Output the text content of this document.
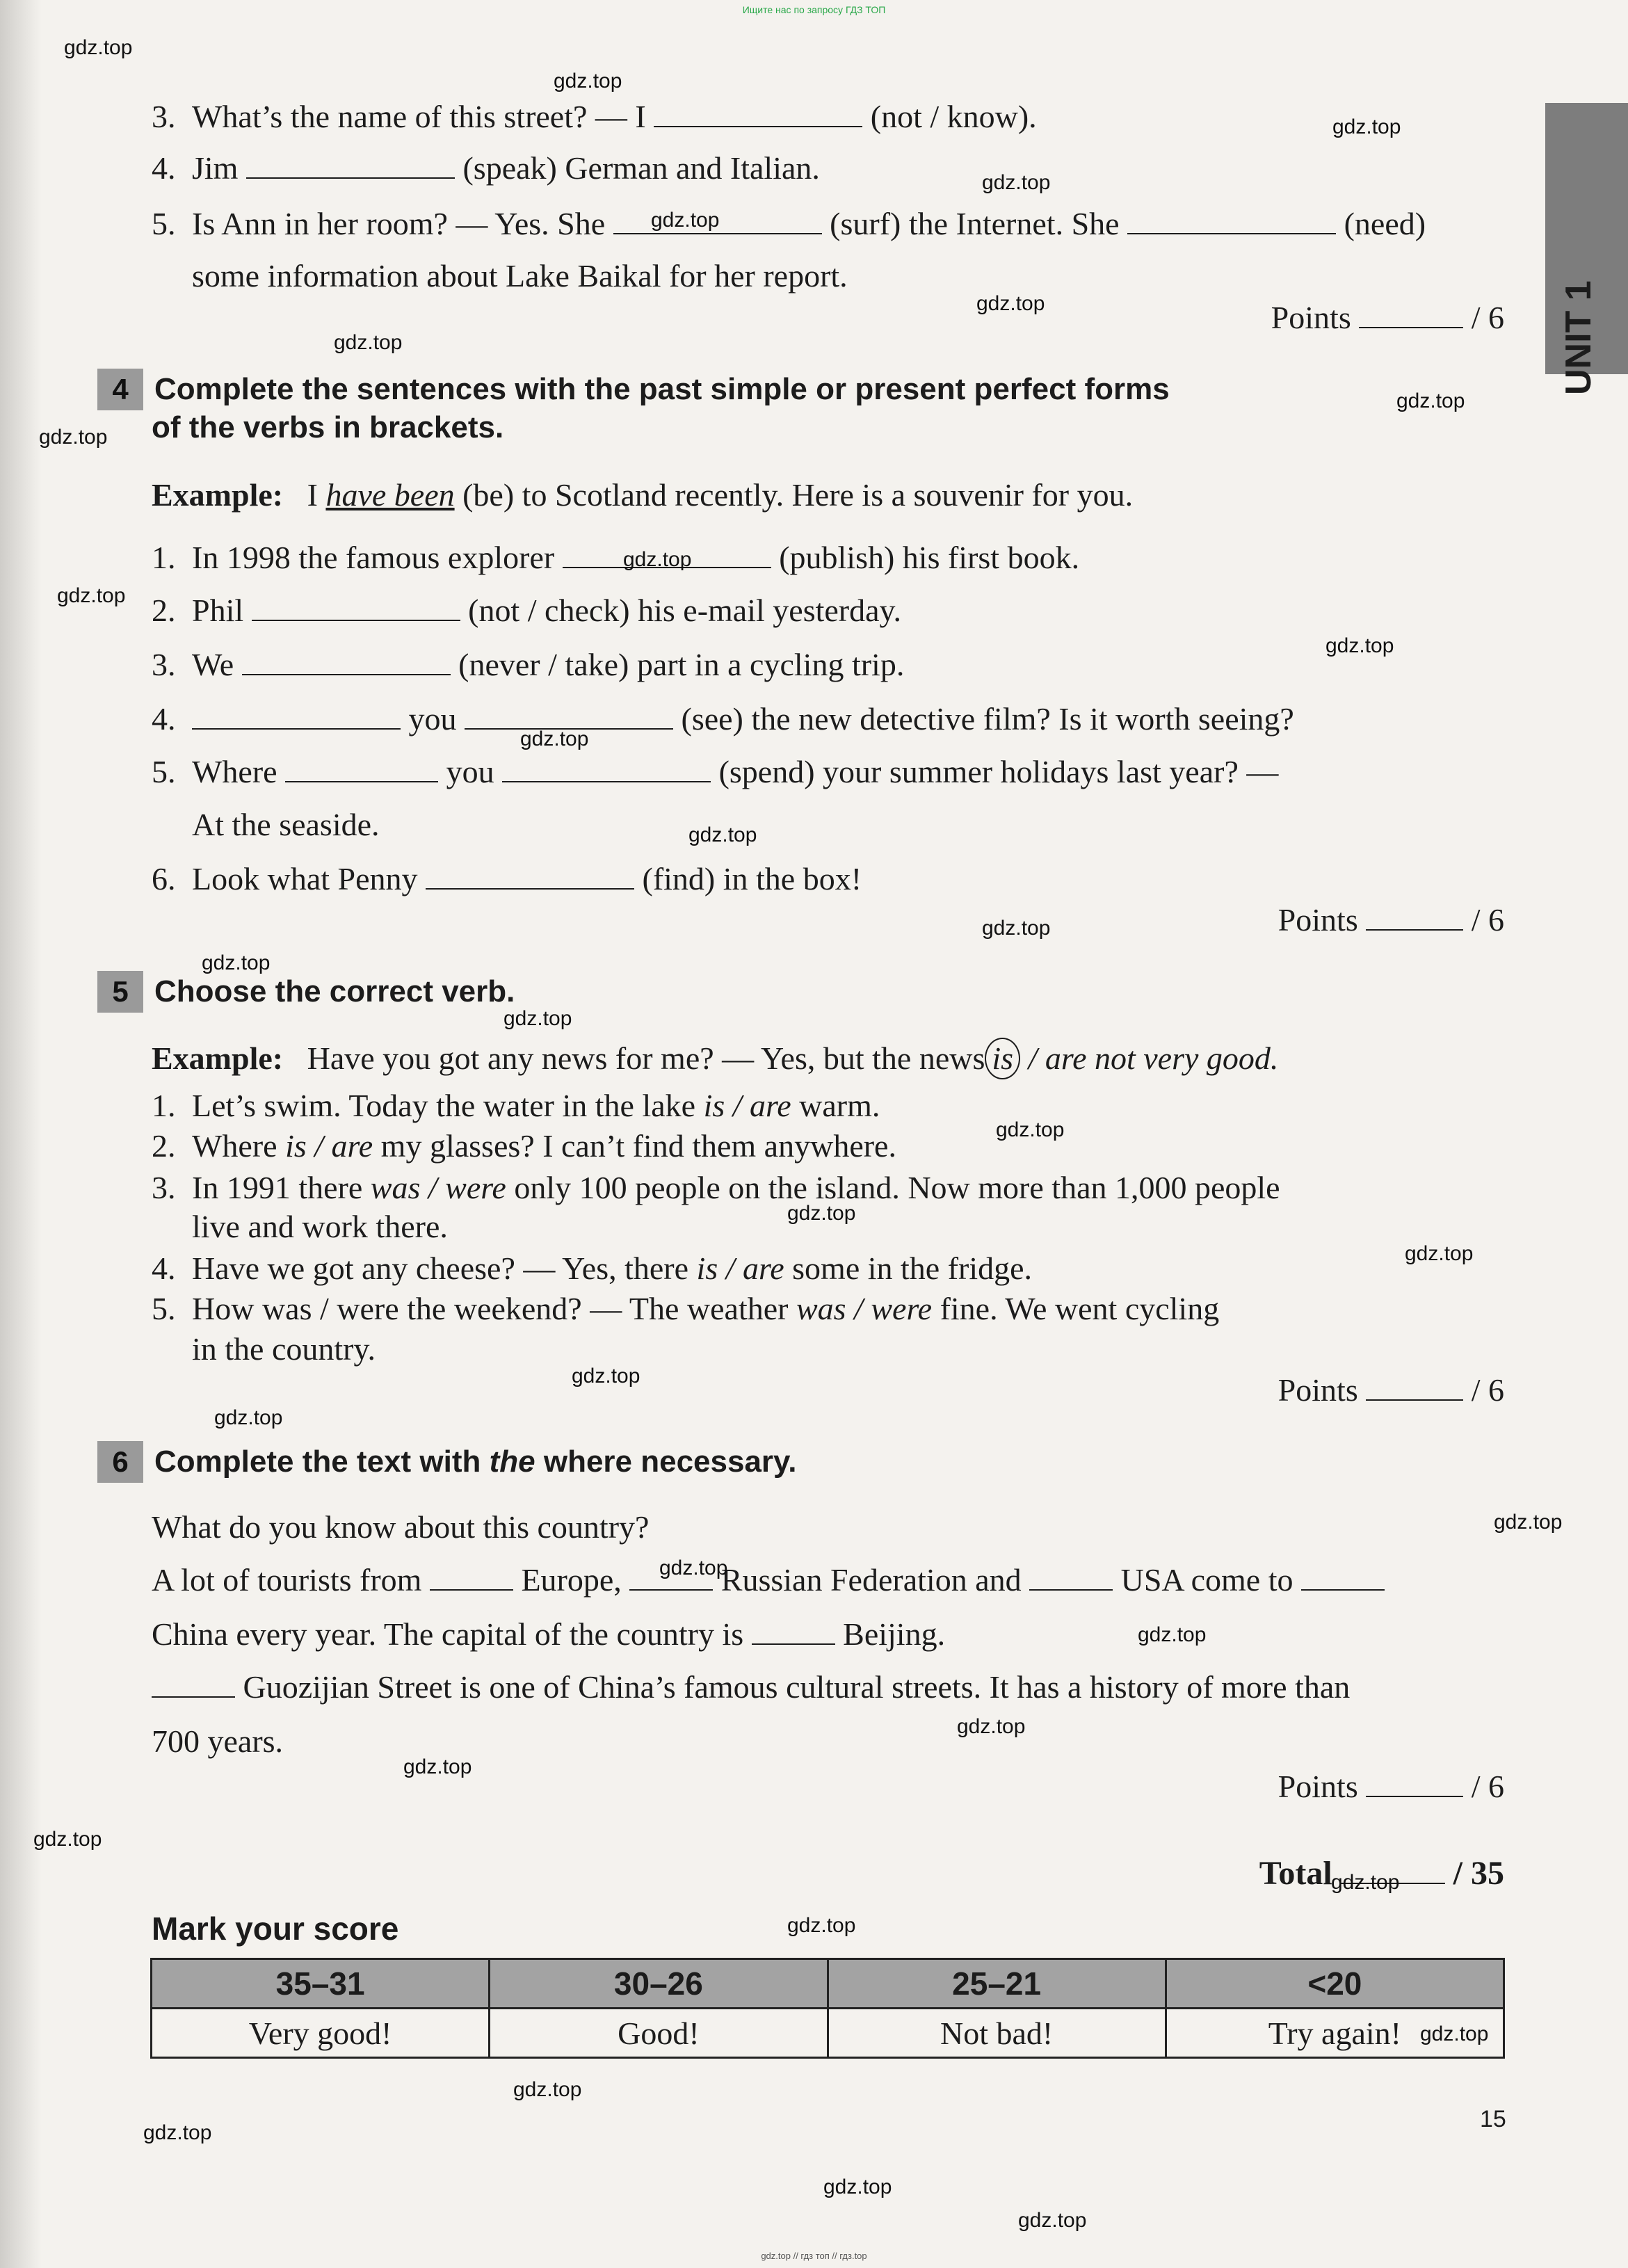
Ищите нас по запросу ГДЗ ТОП
UNIT 1
3. What’s the name of this street? — I	(not / know).
4. Jim	(speak) German and Italian.
5. Is Ann in her room? — Yes. She	(surf) the Internet. She	(need)
some information about Lake Baikal for her report.
Points	/ 6
4 Complete the sentences with the past simple or present perfect forms
of the verbs in brackets.
Example: I have been (be) to Scotland recently. Here is a souvenir for you.
1. In 1998 the famous explorer	(publish) his first book.
2. Phil	(not / check) his e-mail yesterday.
3. We	(never / take) part in a cycling trip.
4.	you	(see) the new detective film? Is it worth seeing?
5. Where	you	(spend) your summer holidays last year? —
At the seaside.
6. Look what Penny	(find) in the box!
Points	/ 6
5 Choose the correct verb.
Example: Have you got any news for me? — Yes, but the news is / are not very good.
1. Let’s swim. Today the water in the lake is / are warm.
2. Where is / are my glasses? I can’t find them anywhere.
3. In 1991 there was / were only 100 people on the island. Now more than 1,000 people
live and work there.
4. Have we got any cheese? — Yes, there is / are some in the fridge.
5. How was / were the weekend? — The weather was / were fine. We went cycling
in the country.
Points	/ 6
6 Complete the text with the where necessary.
What do you know about this country?
A lot of tourists from	Europe,	Russian Federation and	USA come to
China every year. The capital of the country is	Beijing.
Guozijian Street is one of China’s famous cultural streets. It has a history of more than
700 years.
Points	/ 6
Total	/ 35
Mark your score
35–31	30–26	25–21	<20
Very good!	Good!	Not bad!	Try again!
15
gdz.top
gdz.top
gdz.top
gdz.top
gdz.top
gdz.top
gdz.top
gdz.top
gdz.top
gdz.top
gdz.top
gdz.top
gdz.top
gdz.top
gdz.top
gdz.top
gdz.top
gdz.top
gdz.top
gdz.top
gdz.top
gdz.top
gdz.top
gdz.top
gdz.top
gdz.top
gdz.top
gdz.top
gdz.top
gdz.top
gdz.top
gdz.top
gdz.top
gdz.top
gdz.top
gdz.top // гдз топ // гдз.top
